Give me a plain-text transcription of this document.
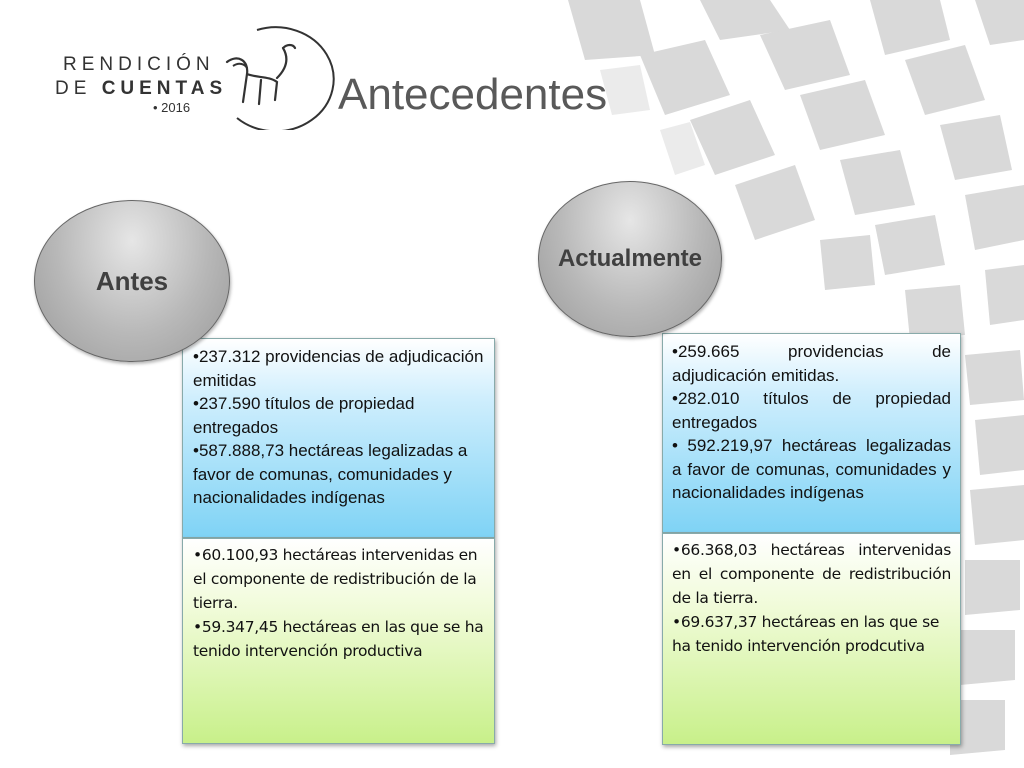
RENDICIÓN
DE CUENTAS
• 2016	Antecedentes
Antes
Actualmente

•237.312 providencias de adjudicación emitidas

•237.590 títulos de propiedad entregados

•587.888,73 hectáreas legalizadas a favor de comunas, comunidades y nacionalidades indígenas

•60.100,93 hectáreas intervenidas en el componente de redistribución de la tierra.

•59.347,45 hectáreas en las que se ha tenido intervención productiva

•259.665 providencias de adjudicación emitidas.

•282.010 títulos de propiedad entregados

• 592.219,97 hectáreas legalizadas a favor de comunas, comunidades y nacionalidades indígenas

•66.368,03 hectáreas intervenidas en el componente de redistribución de la tierra.

•69.637,37 hectáreas en las que se ha tenido intervención prodcutiva
